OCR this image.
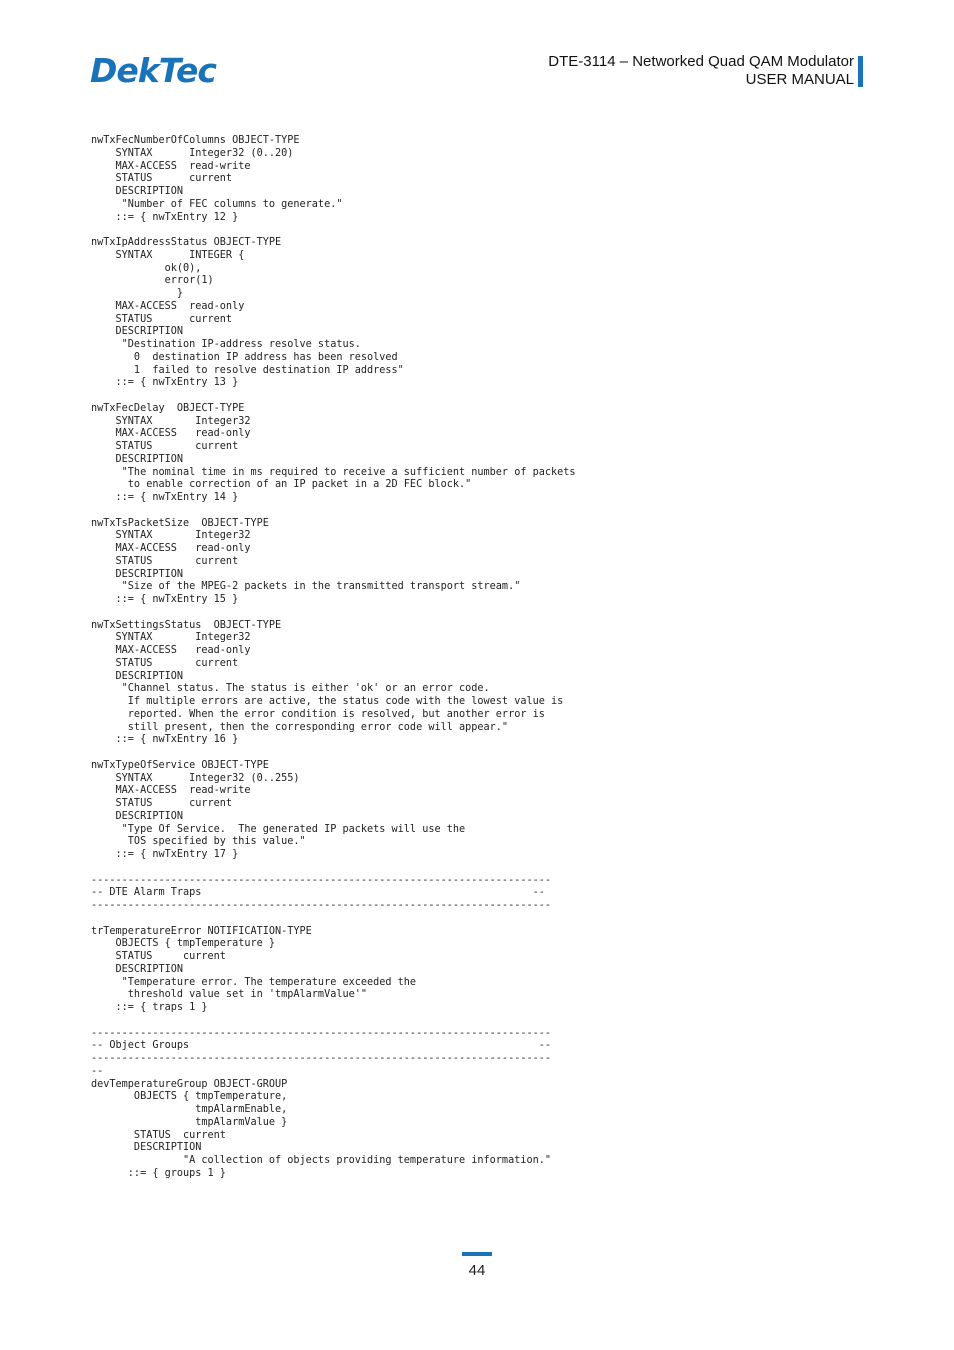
DekTec	DTE-3114 – Networked Quad QAM Modulator
USER MANUAL
nwTxFecNumberOfColumns OBJECT-TYPE
SYNTAX      Integer32 (0..20)
MAX-ACCESS  read-write
STATUS      current
DESCRIPTION
"Number of FEC columns to generate."
::= { nwTxEntry 12 }

nwTxIpAddressStatus OBJECT-TYPE
SYNTAX      INTEGER {
ok(0),
error(1)
}
MAX-ACCESS  read-only
STATUS      current
DESCRIPTION
"Destination IP-address resolve status.
0  destination IP address has been resolved
1  failed to resolve destination IP address"
::= { nwTxEntry 13 }

nwTxFecDelay  OBJECT-TYPE
SYNTAX       Integer32
MAX-ACCESS   read-only
STATUS       current
DESCRIPTION
"The nominal time in ms required to receive a sufficient number of packets
to enable correction of an IP packet in a 2D FEC block."
::= { nwTxEntry 14 }

nwTxTsPacketSize  OBJECT-TYPE
SYNTAX       Integer32
MAX-ACCESS   read-only
STATUS       current
DESCRIPTION
"Size of the MPEG-2 packets in the transmitted transport stream."
::= { nwTxEntry 15 }

nwTxSettingsStatus  OBJECT-TYPE
SYNTAX       Integer32
MAX-ACCESS   read-only
STATUS       current
DESCRIPTION
"Channel status. The status is either 'ok' or an error code.
If multiple errors are active, the status code with the lowest value is
reported. When the error condition is resolved, but another error is
still present, then the corresponding error code will appear."
::= { nwTxEntry 16 }

nwTxTypeOfService OBJECT-TYPE
SYNTAX      Integer32 (0..255)
MAX-ACCESS  read-write
STATUS      current
DESCRIPTION
"Type Of Service.  The generated IP packets will use the
TOS specified by this value."
::= { nwTxEntry 17 }

---------------------------------------------------------------------------
-- DTE Alarm Traps                                                      --
---------------------------------------------------------------------------

trTemperatureError NOTIFICATION-TYPE
OBJECTS { tmpTemperature }
STATUS     current
DESCRIPTION
"Temperature error. The temperature exceeded the
threshold value set in 'tmpAlarmValue'"
::= { traps 1 }

---------------------------------------------------------------------------
-- Object Groups                                                         --
---------------------------------------------------------------------------
--
devTemperatureGroup OBJECT-GROUP
OBJECTS { tmpTemperature,
tmpAlarmEnable,
tmpAlarmValue }
STATUS  current
DESCRIPTION
"A collection of objects providing temperature information."
::= { groups 1 }
44
